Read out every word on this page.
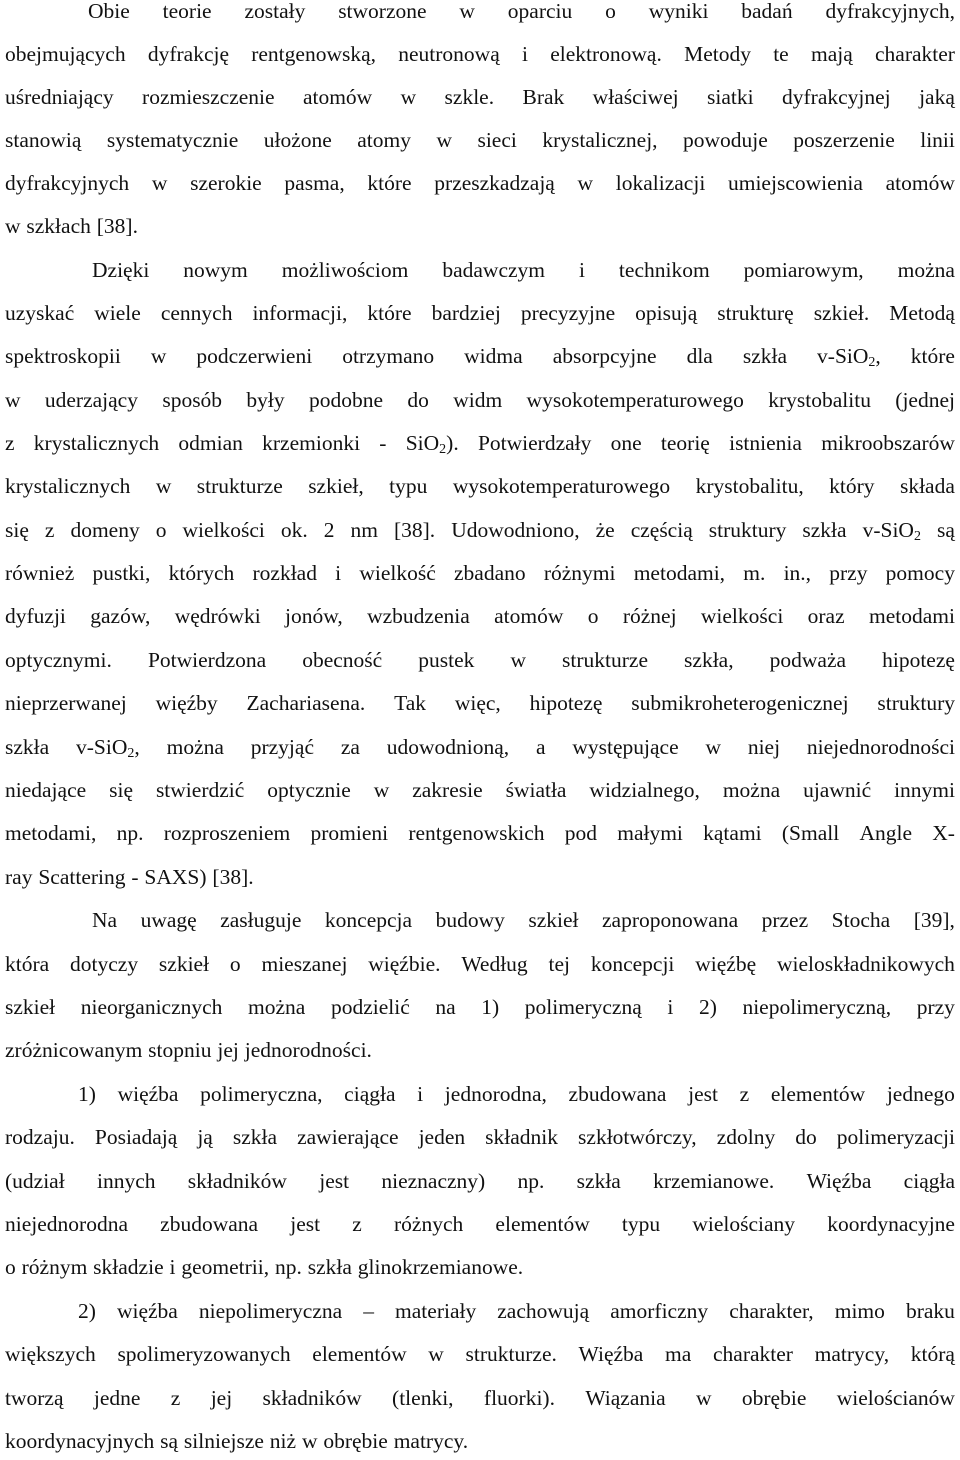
Obie teorie zostały stworzone w oparciu o wyniki badań dyfrakcyjnych,
obejmujących dyfrakcję rentgenowską, neutronową i elektronową. Metody te mają charakter
uśredniający rozmieszczenie atomów w szkle. Brak właściwej siatki dyfrakcyjnej jaką
stanowią systematycznie ułożone atomy w sieci krystalicznej, powoduje poszerzenie linii
dyfrakcyjnych w szerokie pasma, które przeszkadzają w lokalizacji umiejscowienia atomów
w szkłach [38].
Dzięki nowym możliwościom badawczym i technikom pomiarowym, można
uzyskać wiele cennych informacji, które bardziej precyzyjne opisują strukturę szkieł. Metodą
spektroskopii w podczerwieni otrzymano widma absorpcyjne dla szkła v-SiO$_2$, które
w uderzający sposób były podobne do widm wysokotemperaturowego krystobalitu (jednej
z krystalicznych odmian krzemionki - SiO$_2$). Potwierdzały one teorię istnienia mikroobszarów
krystalicznych w strukturze szkieł, typu wysokotemperaturowego krystobalitu, który składa
się z domeny o wielkości ok. 2 nm [38]. Udowodniono, że częścią struktury szkła v-SiO$_2$ są
również pustki, których rozkład i wielkość zbadano różnymi metodami, m. in., przy pomocy
dyfuzji gazów, wędrówki jonów, wzbudzenia atomów o różnej wielkości oraz metodami
optycznymi. Potwierdzona obecność pustek w strukturze szkła, podważa hipotezę
nieprzerwanej więźby Zachariasena. Tak więc, hipotezę submikroheterogenicznej struktury
szkła v-SiO$_2$, można przyjąć za udowodnioną, a występujące w niej niejednorodności
niedające się stwierdzić optycznie w zakresie światła widzialnego, można ujawnić innymi
metodami, np. rozproszeniem promieni rentgenowskich pod małymi kątami (Small Angle X-
ray Scattering - SAXS) [38].
Na uwagę zasługuje koncepcja budowy szkieł zaproponowana przez Stocha [39],
która dotyczy szkieł o mieszanej więźbie. Według tej koncepcji więźbę wieloskładnikowych
szkieł nieorganicznych można podzielić na 1) polimeryczną i 2) niepolimeryczną, przy
zróżnicowanym stopniu jej jednorodności.
1) więźba polimeryczna, ciągła i jednorodna, zbudowana jest z elementów jednego
rodzaju. Posiadają ją szkła zawierające jeden składnik szkłotwórczy, zdolny do polimeryzacji
(udział innych składników jest nieznaczny) np. szkła krzemianowe. Więźba ciągła
niejednorodna zbudowana jest z różnych elementów typu wielościany koordynacyjne
o różnym składzie i geometrii, np. szkła glinokrzemianowe.
2) więźba niepolimeryczna – materiały zachowują amorficzny charakter, mimo braku
większych spolimeryzowanych elementów w strukturze. Więźba ma charakter matrycy, którą
tworzą jedne z jej składników (tlenki, fluorki). Wiązania w obrębie wielościanów
koordynacyjnych są silniejsze niż w obrębie matrycy.
